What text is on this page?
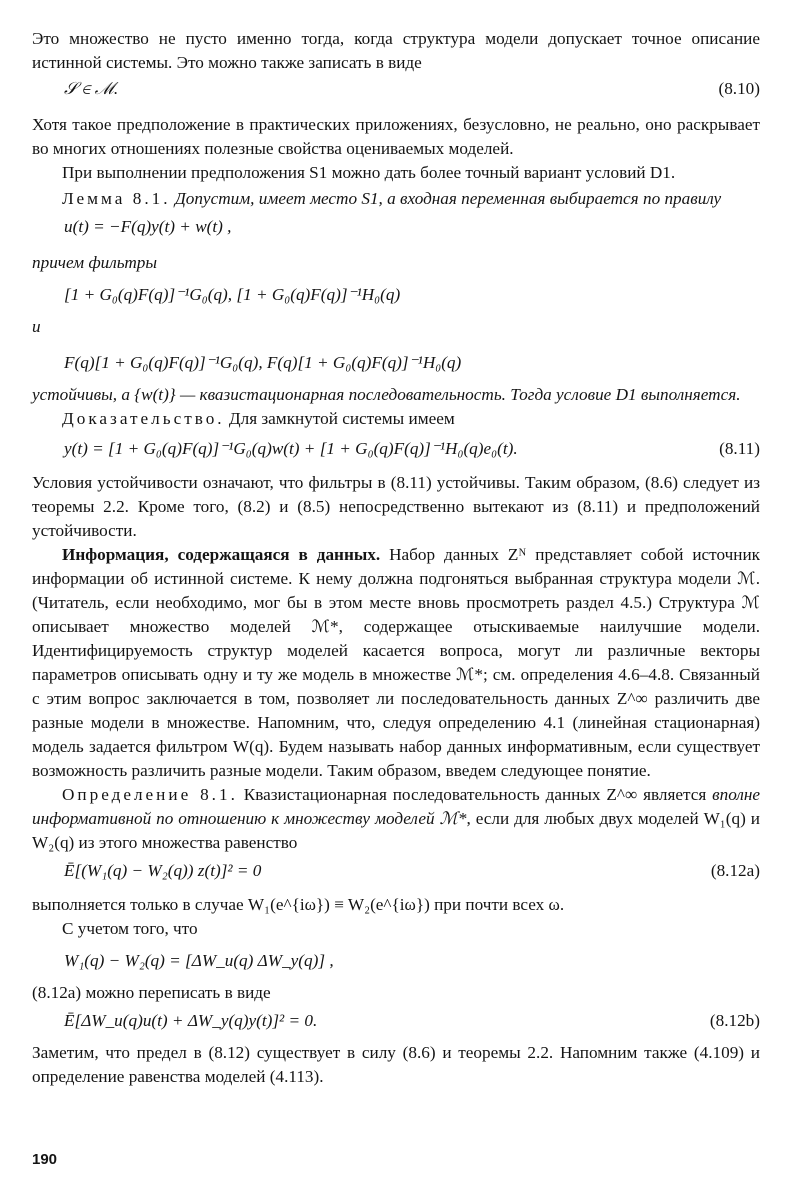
Это множество не пусто именно тогда, когда структура модели допускает точное описание истинной системы. Это можно также записать в виде

𝒮 ∈ ℳ.	(8.10)

Хотя такое предположение в практических приложениях, безусловно, не реально, оно раскрывает во многих отношениях полезные свойства оцениваемых моделей.

При выполнении предположения S1 можно дать более точный вариант условий D1.

Лемма 8.1. Допустим, имеет место S1, а входная переменная выбирается по правилу

u(t) = −F(q)y(t) + w(t) ,

причем фильтры

[1 + G₀(q)F(q)]⁻¹G₀(q), [1 + G₀(q)F(q)]⁻¹H₀(q)

и

F(q)[1 + G₀(q)F(q)]⁻¹G₀(q), F(q)[1 + G₀(q)F(q)]⁻¹H₀(q)

устойчивы, а {w(t)} — квазистационарная последовательность. Тогда условие D1 выполняется.

Доказательство. Для замкнутой системы имеем

y(t) = [1 + G₀(q)F(q)]⁻¹G₀(q)w(t) + [1 + G₀(q)F(q)]⁻¹H₀(q)e₀(t).	(8.11)

Условия устойчивости означают, что фильтры в (8.11) устойчивы. Таким образом, (8.6) следует из теоремы 2.2. Кроме того, (8.2) и (8.5) непосредственно вытекают из (8.11) и предположений устойчивости.

Информация, содержащаяся в данных. Набор данных Zᴺ представляет собой источник информации об истинной системе. К нему должна подгоняться выбранная структура модели ℳ. (Читатель, если необходимо, мог бы в этом месте вновь просмотреть раздел 4.5.) Структура ℳ описывает множество моделей ℳ*, содержащее отыскиваемые наилучшие модели. Идентифицируемость структур моделей касается вопроса, могут ли различные векторы параметров описывать одну и ту же модель в множестве ℳ*; см. определения 4.6–4.8. Связанный с этим вопрос заключается в том, позволяет ли последовательность данных Z^∞ различить две разные модели в множестве. Напомним, что, следуя определению 4.1 (линейная стационарная) модель задается фильтром W(q). Будем называть набор данных информативным, если существует возможность различить разные модели. Таким образом, введем следующее понятие.

Определение 8.1. Квазистационарная последовательность данных Z^∞ является вполне информативной по отношению к множеству моделей ℳ*, если для любых двух моделей W₁(q) и W₂(q) из этого множества равенство

Ē[(W₁(q) − W₂(q)) z(t)]² = 0	(8.12a)

выполняется только в случае W₁(e^{iω}) ≡ W₂(e^{iω}) при почти всех ω.

С учетом того, что

W₁(q) − W₂(q) = [ΔW_u(q) ΔW_y(q)] ,

(8.12a) можно переписать в виде

Ē[ΔW_u(q)u(t) + ΔW_y(q)y(t)]² = 0.	(8.12b)

Заметим, что предел в (8.12) существует в силу (8.6) и теоремы 2.2. Напомним также (4.109) и определение равенства моделей (4.113).

190
